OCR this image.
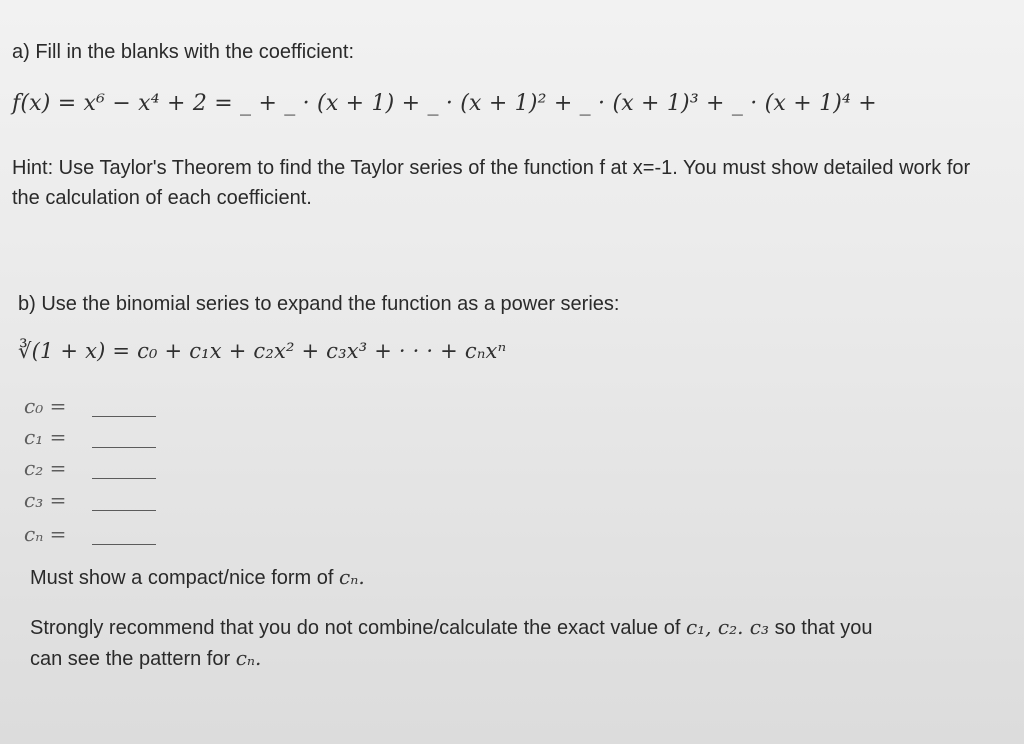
a) Fill in the blanks with the coefficient:
f(x) = x⁶ − x⁴ + 2 = _ + _ · (x + 1) + _ · (x + 1)² + _ · (x + 1)³ + _ · (x + 1)⁴ +
Hint: Use Taylor's Theorem to find the Taylor series of the function f at x=-1. You must show detailed work for the calculation of each coefficient.
b) Use the binomial series to expand the function as a power series:
∛(1 + x) = c₀ + c₁x + c₂x² + c₃x³ + · · · + cₙxⁿ
c₀ =
c₁ =
c₂ =
c₃ =
cₙ =
Must show a compact/nice form of cₙ.
Strongly recommend that you do not combine/calculate the exact value of c₁, c₂. c₃ so that you
can see the pattern for cₙ.
